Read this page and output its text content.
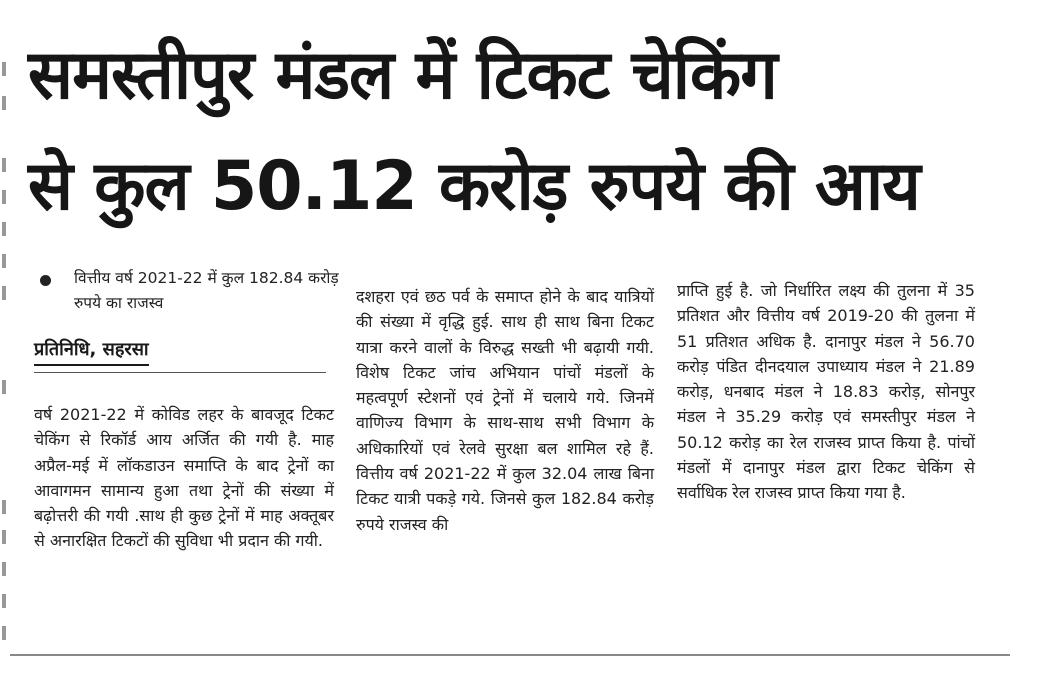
समस्तीपुर मंडल में टिकट चेकिंग
से कुल 50.12 करोड़ रुपये की आय
वित्तीय वर्ष 2021-22 में कुल 182.84 करोड़ रुपये का राजस्व

प्रतिनिधि, सहरसा

वर्ष 2021-22 में कोविड लहर के बावजूद टिकट चेकिंग से रिकॉर्ड आय अर्जित की गयी है. माह अप्रैल-मई में लॉकडाउन समाप्ति के बाद ट्रेनों का आवागमन सामान्य हुआ तथा ट्रेनों की संख्या में बढ़ोत्तरी की गयी .साथ ही कुछ ट्रेनों में माह अक्तूबर से अनारक्षित टिकटों की सुविधा भी प्रदान की गयी.

दशहरा एवं छठ पर्व के समाप्त होने के बाद यात्रियों की संख्या में वृद्धि हुई. साथ ही साथ बिना टिकट यात्रा करने वालों के विरुद्ध सख्ती भी बढ़ायी गयी. विशेष टिकट जांच अभियान पांचों मंडलों के महत्वपूर्ण स्टेशनों एवं ट्रेनों में चलाये गये. जिनमें वाणिज्य विभाग के साथ-साथ सभी विभाग के अधिकारियों एवं रेलवे सुरक्षा बल शामिल रहे हैं. वित्तीय वर्ष 2021-22 में कुल 32.04 लाख बिना टिकट यात्री पकड़े गये. जिनसे कुल 182.84 करोड़ रुपये राजस्व की

प्राप्ति हुई है. जो निर्धारित लक्ष्य की तुलना में 35 प्रतिशत और वित्तीय वर्ष 2019-20 की तुलना में 51 प्रतिशत अधिक है. दानापुर मंडल ने 56.70 करोड़ पंडित दीनदयाल उपाध्याय मंडल ने 21.89 करोड़, धनबाद मंडल ने 18.83 करोड़, सोनपुर मंडल ने 35.29 करोड़ एवं समस्तीपुर मंडल ने 50.12 करोड़ का रेल राजस्व प्राप्त किया है. पांचों मंडलों में दानापुर मंडल द्वारा टिकट चेकिंग से सर्वाधिक रेल राजस्व प्राप्त किया गया है.
